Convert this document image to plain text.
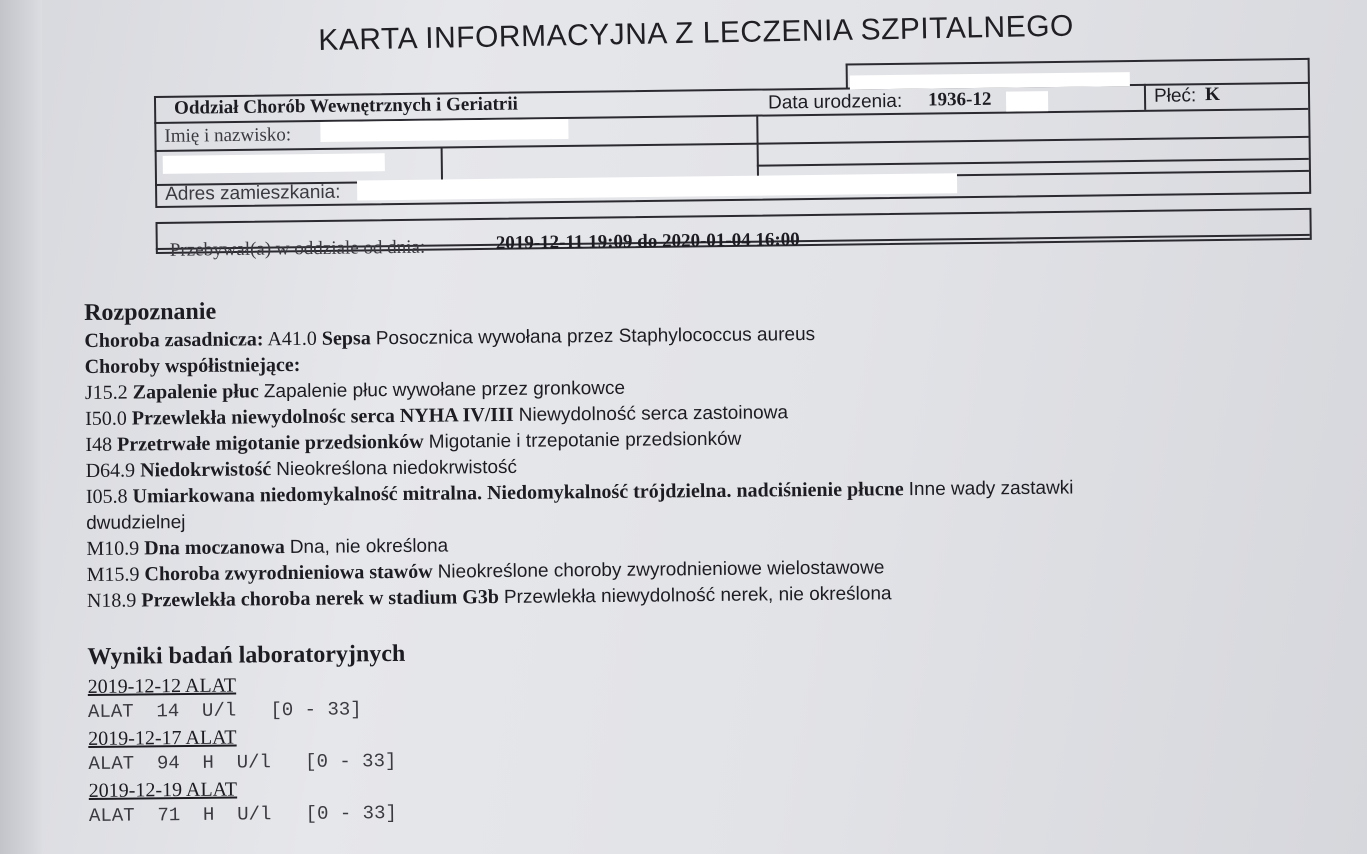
KARTA INFORMACYJNA Z LECZENIA SZPITALNEGO
Oddział Chorób Wewnętrznych i Geriatrii
Imię i nazwisko:
Data urodzenia: 1936-12	Płeć: K
Adres zamieszkania:
Przebywał(a) w oddziale od dnia:	2019-12-11 19:09 do 2020-01-04 16:00
Rozpoznanie
Choroba zasadnicza: A41.0 Sepsa Posocznica wywołana przez Staphylococcus aureus
Choroby współistniejące:
J15.2 Zapalenie płuc Zapalenie płuc wywołane przez gronkowce
I50.0 Przewlekła niewydolnośc serca NYHA IV/III Niewydolność serca zastoinowa
I48 Przetrwałe migotanie przedsionków Migotanie i trzepotanie przedsionków
D64.9 Niedokrwistość Nieokreślona niedokrwistość
I05.8 Umiarkowana niedomykalność mitralna. Niedomykalność trójdzielna. nadciśnienie płucne Inne wady zastawki
dwudzielnej
M10.9 Dna moczanowa Dna, nie określona
M15.9 Choroba zwyrodnieniowa stawów Nieokreślone choroby zwyrodnieniowe wielostawowe
N18.9 Przewlekła choroba nerek w stadium G3b Przewlekła niewydolność nerek, nie określona
Wyniki badań laboratoryjnych
2019-12-12 ALAT
ALAT  14  U/l   [0 - 33]
2019-12-17 ALAT
ALAT  94  H  U/l   [0 - 33]
2019-12-19 ALAT
ALAT  71  H  U/l   [0 - 33]
